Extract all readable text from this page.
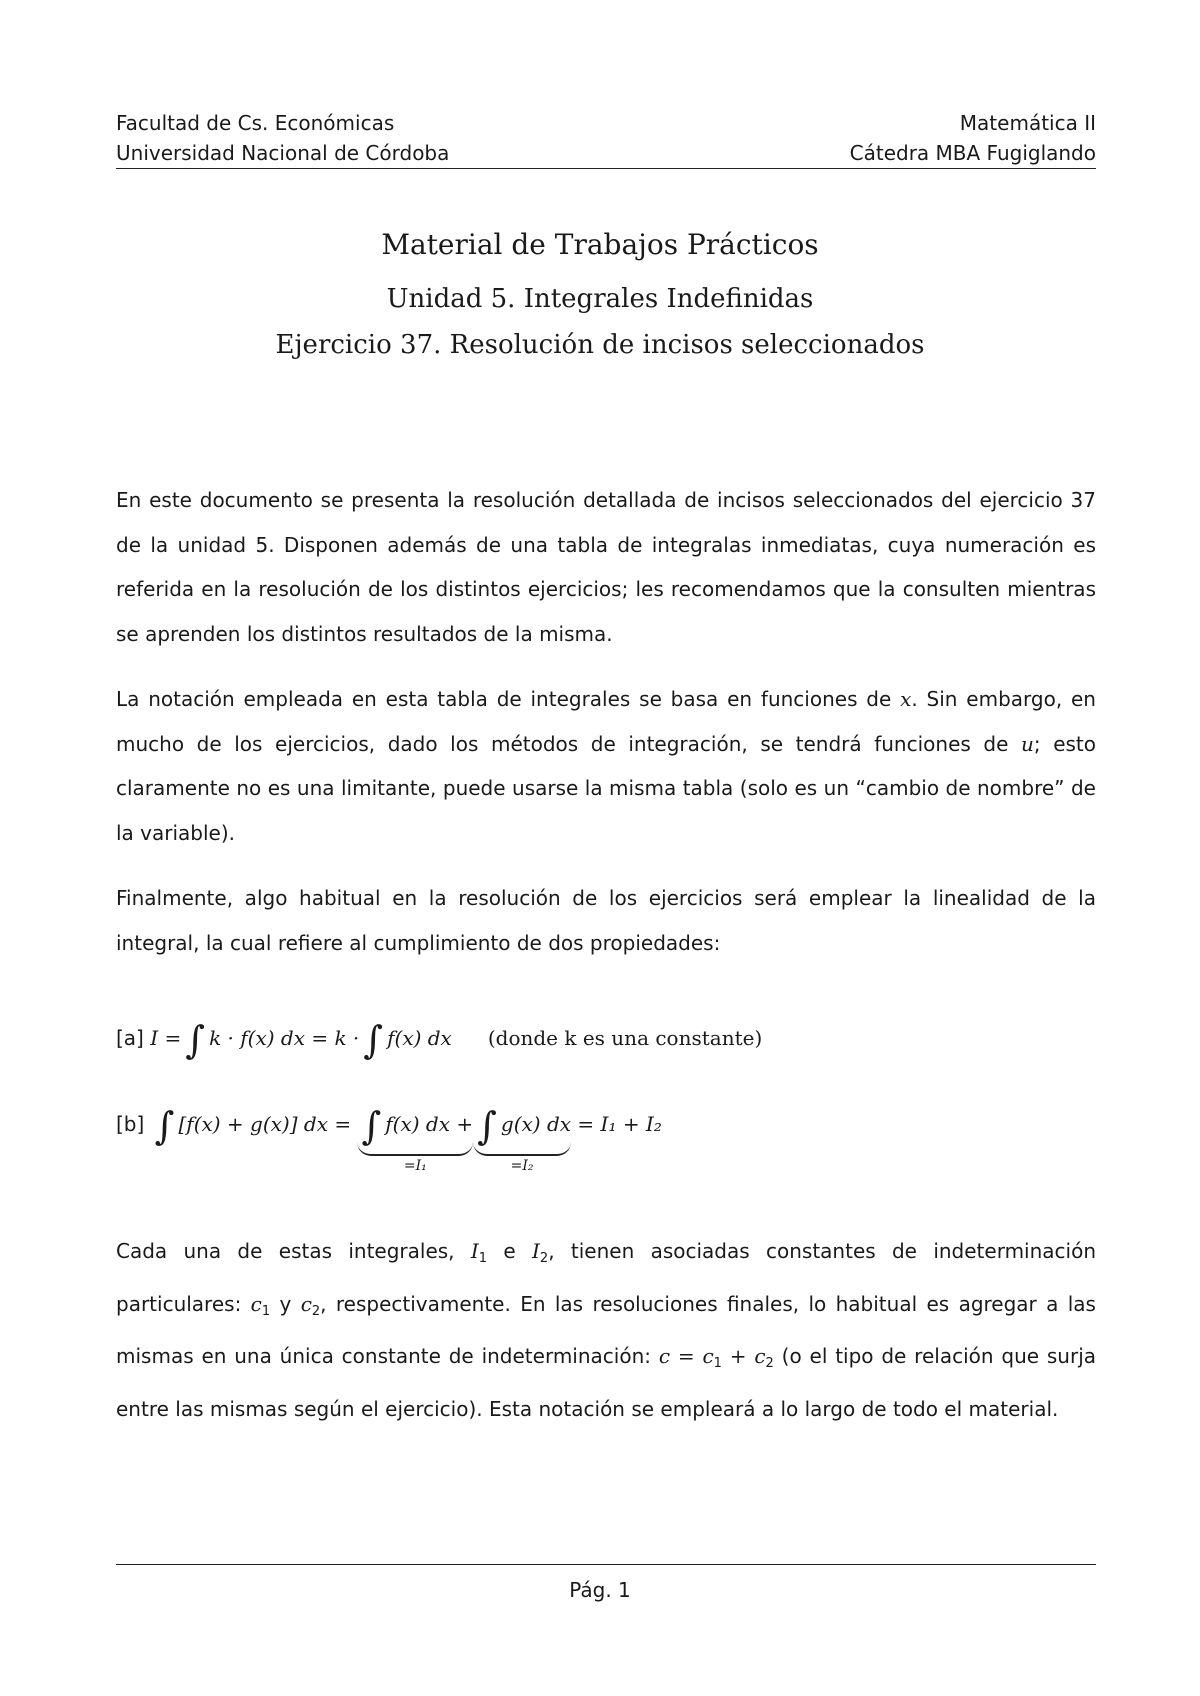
Facultad de Cs. Económicas	Matemática II
Universidad Nacional de Córdoba	Cátedra MBA Fugiglando
Material de Trabajos Prácticos
Unidad 5. Integrales Indefinidas
Ejercicio 37. Resolución de incisos seleccionados
En este documento se presenta la resolución detallada de incisos seleccionados del ejercicio 37 de la unidad 5. Disponen además de una tabla de integralas inmediatas, cuya numeración es referida en la resolución de los distintos ejercicios; les recomendamos que la consulten mientras se aprenden los distintos resultados de la misma.
La notación empleada en esta tabla de integrales se basa en funciones de x. Sin embargo, en mucho de los ejercicios, dado los métodos de integración, se tendrá funciones de u; esto claramente no es una limitante, puede usarse la misma tabla (solo es un “cambio de nombre” de la variable).
Finalmente, algo habitual en la resolución de los ejercicios será emplear la linealidad de la integral, la cual refiere al cumplimiento de dos propiedades:
[a] I = ∫ k · f(x) dx = k · ∫ f(x) dx (donde k es una constante)
[b] ∫ [f(x) + g(x)] dx = ∫ f(x) dx +
=I₁
∫ g(x) dx
=I₂
= I₁ + I₂
Cada una de estas integrales, $I_1$ e $I_2$, tienen asociadas constantes de indeterminación particulares: $c_1$ y $c_2$, respectivamente. En las resoluciones finales, lo habitual es agregar a las mismas en una única constante de indeterminación: $c = c_1 + c_2$ (o el tipo de relación que surja entre las mismas según el ejercicio). Esta notación se empleará a lo largo de todo el material.
Pág. 1
